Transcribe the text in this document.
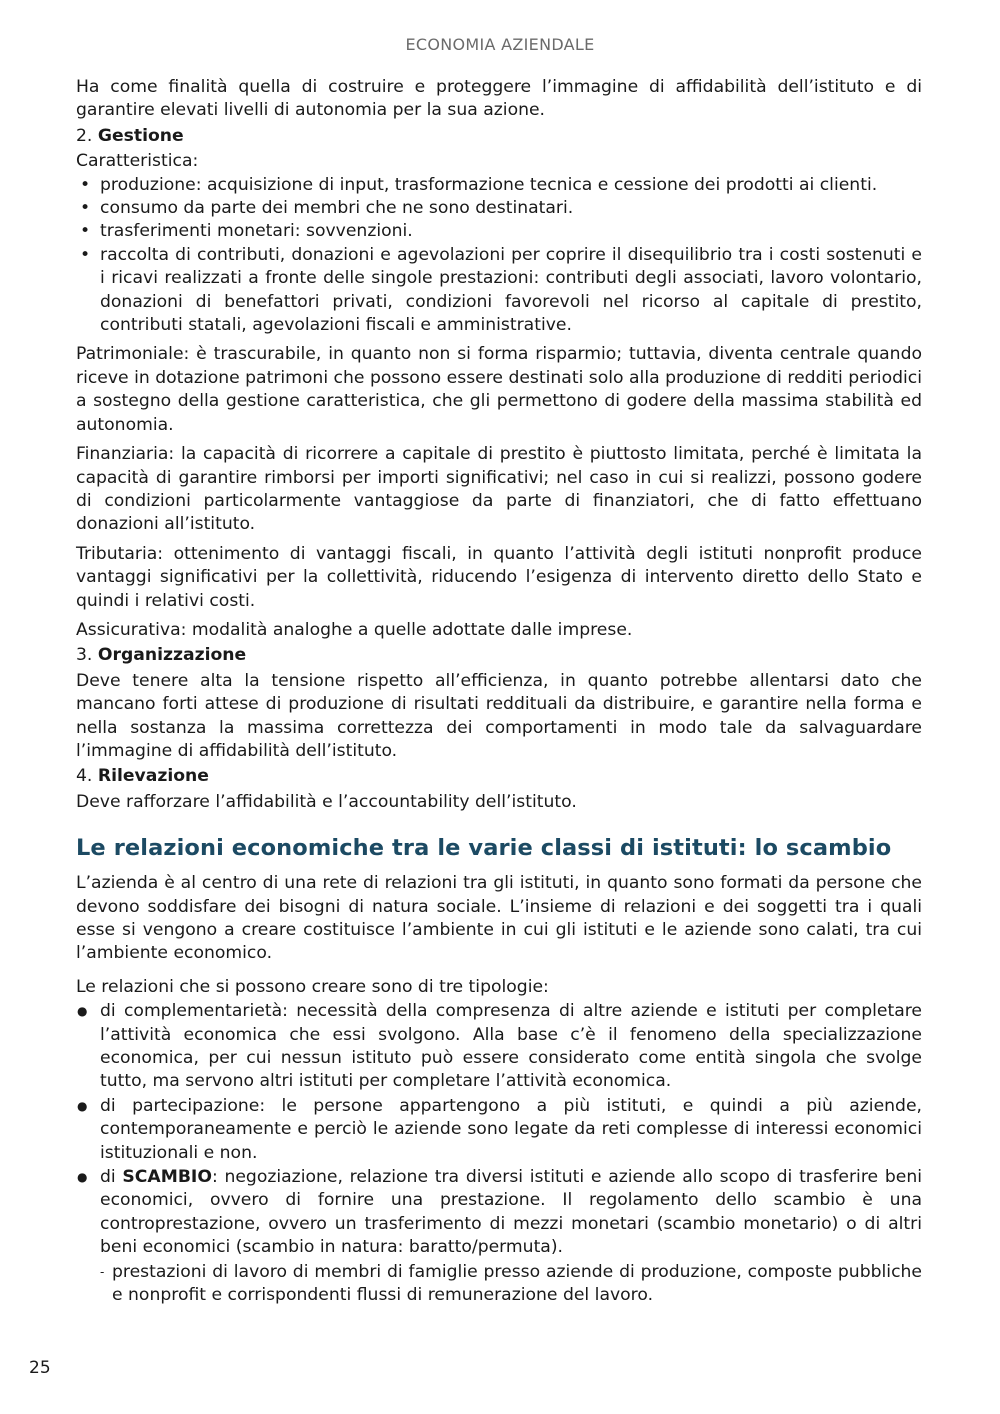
ECONOMIA AZIENDALE

Ha come finalità quella di costruire e proteggere l’immagine di affidabilità dell’istituto e di garantire elevati livelli di autonomia per la sua azione.

2. Gestione

Caratteristica:

• produzione: acquisizione di input, trasformazione tecnica e cessione dei prodotti ai clienti.
• consumo da parte dei membri che ne sono destinatari.
• trasferimenti monetari: sovvenzioni.
• raccolta di contributi, donazioni e agevolazioni per coprire il disequilibrio tra i costi sostenuti e i ricavi realizzati a fronte delle singole prestazioni: contributi degli associati, lavoro volontario, donazioni di benefattori privati, condizioni favorevoli nel ricorso al capitale di prestito, contributi statali, agevolazioni fiscali e amministrative.

Patrimoniale: è trascurabile, in quanto non si forma risparmio; tuttavia, diventa centrale quando riceve in dotazione patrimoni che possono essere destinati solo alla produzione di redditi periodici a sostegno della gestione caratteristica, che gli permettono di godere della massima stabilità ed autonomia.

Finanziaria: la capacità di ricorrere a capitale di prestito è piuttosto limitata, perché è limitata la capacità di garantire rimborsi per importi significativi; nel caso in cui si realizzi, possono godere di condizioni particolarmente vantaggiose da parte di finanziatori, che di fatto effettuano donazioni all’istituto.

Tributaria: ottenimento di vantaggi fiscali, in quanto l’attività degli istituti nonprofit produce vantaggi significativi per la collettività, riducendo l’esigenza di intervento diretto dello Stato e quindi i relativi costi.

Assicurativa: modalità analoghe a quelle adottate dalle imprese.

3. Organizzazione

Deve tenere alta la tensione rispetto all’efficienza, in quanto potrebbe allentarsi dato che mancano forti attese di produzione di risultati reddituali da distribuire, e garantire nella forma e nella sostanza la massima correttezza dei comportamenti in modo tale da salvaguardare l’immagine di affidabilità dell’istituto.

4. Rilevazione

Deve rafforzare l’affidabilità e l’accountability dell’istituto.

Le relazioni economiche tra le varie classi di istituti: lo scambio

L’azienda è al centro di una rete di relazioni tra gli istituti, in quanto sono formati da persone che devono soddisfare dei bisogni di natura sociale. L’insieme di relazioni e dei soggetti tra i quali esse si vengono a creare costituisce l’ambiente in cui gli istituti e le aziende sono calati, tra cui l’ambiente economico.

Le relazioni che si possono creare sono di tre tipologie:

● di complementarietà: necessità della compresenza di altre aziende e istituti per completare l’attività economica che essi svolgono. Alla base c’è il fenomeno della specializzazione economica, per cui nessun istituto può essere considerato come entità singola che svolge tutto, ma servono altri istituti per completare l’attività economica.
● di partecipazione: le persone appartengono a più istituti, e quindi a più aziende, contemporaneamente e perciò le aziende sono legate da reti complesse di interessi economici istituzionali e non.
● di SCAMBIO: negoziazione, relazione tra diversi istituti e aziende allo scopo di trasferire beni economici, ovvero di fornire una prestazione. Il regolamento dello scambio è una controprestazione, ovvero un trasferimento di mezzi monetari (scambio monetario) o di altri beni economici (scambio in natura: baratto/permuta).
- prestazioni di lavoro di membri di famiglie presso aziende di produzione, composte pubbliche e nonprofit e corrispondenti flussi di remunerazione del lavoro.
25
